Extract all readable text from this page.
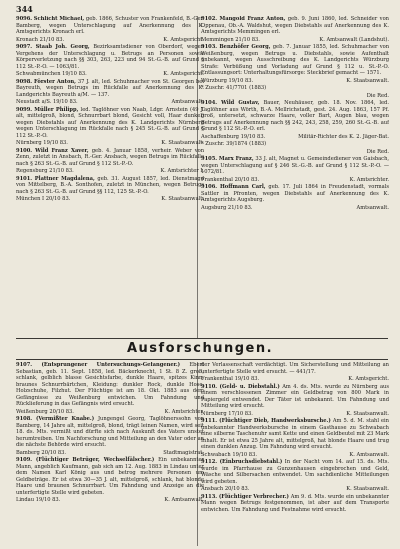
344
9096. Schlicht Michael, geb. 1866, Schuster von Frankenfeld, B.-Ger. Bamberg, wegen Unterschlagung auf Anerkennung des K. Amtsgerichts Kronach erl.
Kronach 21/10 83.	K. Amtsgericht.
9097. Staab Joh. Georg, Bezirksamtsdiener von Oberdorf, wegen Vergehens der Unterschlagung u. Betrugs an Personen sowie Körperverletzung nach §§ 303, 263, 223 und 94 St.-G.-B. auf Grund § 112 St.-P.-O. — 1063/81.
Schwabmünchen 19/10 83.	K. Amtsgericht.
9098. Förster Anton, 37 J. alt, led. Schuhmacher von St. Georgen bei Bayreuth, wegen Betrugs im Rückfalle auf Anerkennung des K. Landgerichts Bayreuth a/M. — 137.
Neustadt a/S. 19/10 83.	Amtsanwalt.
9099. Müller Philipp, led. Taglöhner von Naab, Ldgr. Arnstein (49 J. alt, mittelgroß, blond, Schnurrbart blond, Gesicht voll, Haar dunkel) wegen Diebstahls auf Anerkennung des K. Landgerichts Nürnberg wegen Unterschlagung im Rückfalle nach § 245 St.-G.-B. auf Grund § 112 St.-P.-O.
Nürnberg 19/10 83.	K. Staatsanwalt.
9100. Wild Franz Xaver, geb. 4. Januar 1858, verheir. Weber von Zenn, zuletzt in Ansbach, R.-Ger. Ansbach, wegen Betrugs im Rückfalle nach § 263 St.-G.-B. auf Grund § 112 St.-P.-O.
Regensburg 21/10 83.	K. Amtsrichter I.
9101. Plattner Magdalena, geb. 31. August 1857, led. Dienstmagd von Mittelberg, B.-A. Sonthofen, zuletzt in München, wegen Betrugs nach § 263 St.-G.-B. auf Grund §§ 112, 125 St.-P.-O.
München I 20/10 83.	K. Staatsanwalt.
9102. Mangold Franz Anton, geb. 9. Juni 1860, led. Schneider von Oppenau, Ob.-A. Waldshut, wegen Diebstahls auf Anerkennung des K. Amtsgerichts Memmingen erl.
Memmingen 21/10 83.	K. Amtsanwalt (Landshut).
9103. Benzhöfer Georg, geb. 7. Januar 1855, led. Schuhmacher von Weißenburg, wegen Betrugs u. Diebstahls, sowie Aufenthalt unbekannt, wegen Ausschreibung des K. Landgerichts Würzburg Strafe: Verbüßung und Vorladung auf Grund § 112 u. St.-P.-O. Entlassungsort: Unterhaltungsfürsorge: Steckbrief gemacht — 1571.
Würzburg 19/10 83.	K. Staatsanwalt.
* Zuschr. 41/7701 (1883)
Die Red.
9104. Wild Gustav, Bauer, Neuhäuser, geb. 18. Nov. 1864, led. Taglöhner aus Wörth, B.-A. Mellrichstadt, gest. 24. Aug. 1863, 157 Pf. groß, untersetzt, schwarze Haare, voller Bart, Augen blau, wegen Betrugs auf Anerkennung nach §§ 242, 243, 258, 259, 260 St.-G.-B. auf Grund § 112 St.-P.-O. erl.
Aschaffenburg 19/10 83.	Militär-Richter des K. 2. Jäger-Bat.
* Zuschr. 39/1874 (1883)
Die Red.
9105. Marx Franz, 33 J. alt, Magnet u. Gemeindediener von Gaisbach, wegen Unterschlagung auf § 246 St.-G.-B. auf Grund § 112 St.-P.-O. — 1072/81.
Frankenthal 20/10 83.	K. Amtsrichter.
9106. Hoffmann Carl, geb. 17. Juli 1864 in Freudenstadt, vormals Sattler in Pfronten, wegen Diebstahls auf Anerkennung des K. Amtsgerichts Augsburg.
Augsburg 21/10 83.	Amtsanwalt.
Ausforschungen.
9107. (Entsprungener Untersuchungs-Gefangener.) Ebert Sebastian, geb. 11. Sept. 1858, led. Bäckerknecht, 1 St. 8 Z. groß, schlank, gelblich blasse Gesichtsfarbe, dunkle Haare, spitzes Kinn, braunes Schnurrbärtchen, Kleidung: dunkler Rock, dunkle Hose, Holzschuhe, Filzhut. Der Flüchtige ist am 18. Okt. 1883 aus dem Gefängnisse zu Weißenburg entwichen. Um Fahndung und Rücklieferung in das Gefängnis wird ersucht.
Weißenburg 20/10 83.	K. Amtsrichter.
9108. (Vermißter Knabe.) Jungengel Georg, Taglöhnerssohn von Bamberg, 14 Jahre alt, mittelgroß, blond, trägt leinen Namen, wird seit 18. ds. Mts. vermißt und dürfte sich nach Auskunft des Vaters unstet herumtreiben. Um Nachforschung und Mitteilung an den Vater oder an die nächste Behörde wird ersucht.
Bamberg 20/10 83.	Stadtmagistrat.
9109. (Flüchtiger Betrüger, Wechselfälscher.) Ein unbekannter Mann, angeblich Kaufmann, gab sich am 12. Aug. 1883 in Lindau unter dem Namen Karl König aus und betrog mehrere Personen um Geldbeträge. Er ist etwa 30—35 J. alt, mittelgroß, schlank, hat blonde Haare und braunen Schnurrbart. Um Fahndung und Anzeige an die unterfertigte Stelle wird gebeten.
Lindau 19/10 83.	K. Amtsanwalt.
der Verlassenschaft verdächtigt. Um Sicherstellung und Mitteilung an unterfertigte Stelle wird ersucht. — 441/17.
Frankenthal 19/10 83.	K. Amtsgericht.
9110. (Geld- u. Diebstahl.) Am 4. ds. Mts. wurde zu Nürnberg aus einem verschlossenen Zimmer ein Geldbetrag von 800 Mark in Papiergeld entwendet. Der Täter ist unbekannt. Um Fahndung und Mitteilung wird ersucht.
Nürnberg 17/10 83.	K. Staatsanwalt.
9111. (Flüchtiger Dieb, Handwerksbursche.) Am 5. d. M. stahl ein unbekannter Handwerksbursche in einem Gasthause zu Schwabach eine silberne Taschenuhr samt Kette und einen Geldbeutel mit 23 Mark Inhalt. Er ist etwa 25 Jahre alt, mittelgroß, hat blonde Haare und trug einen dunklen Anzug. Um Fahndung wird ersucht.
Schwabach 19/10 83.	K. Amtsanwalt.
9112. (Einbruchsdiebstahl.) In der Nacht vom 14. auf 15. ds. Mts. wurde im Pfarrhause zu Gunzenhausen eingebrochen und Geld, Wäsche und Silbersachen entwendet. Um sachdienliche Mitteilungen wird gebeten.
Ansbach 20/10 83.	K. Staatsanwalt.
9113. (Flüchtiger Verbrecher.) Am 9. d. Mts. wurde ein unbekannter Mann wegen Betrugs festgenommen, ist aber auf dem Transporte entwichen. Um Fahndung und Festnahme wird ersucht.
